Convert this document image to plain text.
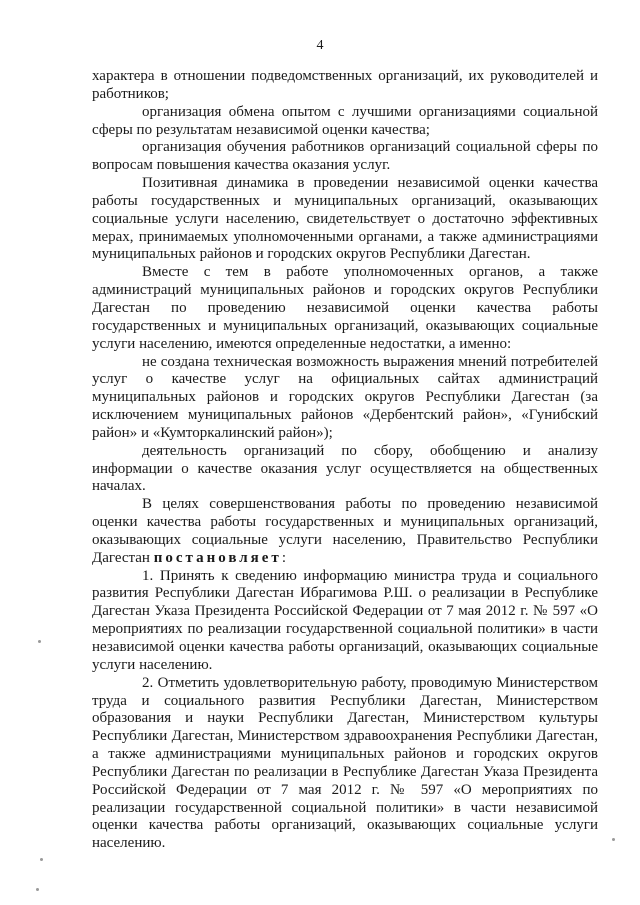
4

характера в отношении подведомственных организаций, их руководителей и работников;

организация обмена опытом с лучшими организациями социальной сферы по результатам независимой оценки качества;

организация обучения работников организаций социальной сферы по вопросам повышения качества оказания услуг.

Позитивная динамика в проведении независимой оценки качества работы государственных и муниципальных организаций, оказывающих социальные услуги населению, свидетельствует о достаточно эффективных мерах, принимаемых уполномоченными органами, а также администрациями муниципальных районов и городских округов Республики Дагестан.

Вместе с тем в работе уполномоченных органов, а также администраций муниципальных районов и городских округов Республики Дагестан по проведению независимой оценки качества работы государственных и муниципальных организаций, оказывающих социальные услуги населению, имеются определенные недостатки, а именно:

не создана техническая возможность выражения мнений потребителей услуг о качестве услуг на официальных сайтах администраций муниципальных районов и городских округов Республики Дагестан (за исключением муниципальных районов «Дербентский район», «Гунибский район» и «Кумторкалинский район»);

деятельность организаций по сбору, обобщению и анализу информации о качестве оказания услуг осуществляется на общественных началах.

В целях совершенствования работы по проведению независимой оценки качества работы государственных и муниципальных организаций, оказывающих социальные услуги населению, Правительство Республики Дагестан постановляет:

1. Принять к сведению информацию министра труда и социального развития Республики Дагестан Ибрагимова Р.Ш. о реализации в Республике Дагестан Указа Президента Российской Федерации от 7 мая 2012 г. № 597 «О мероприятиях по реализации государственной социальной политики» в части независимой оценки качества работы организаций, оказывающих социальные услуги населению.

2. Отметить удовлетворительную работу, проводимую Министерством труда и социального развития Республики Дагестан, Министерством образования и науки Республики Дагестан, Министерством культуры Республики Дагестан, Министерством здравоохранения Республики Дагестан, а также администрациями муниципальных районов и городских округов Республики Дагестан по реализации в Республике Дагестан Указа Президента Российской Федерации от 7 мая 2012 г. № 597 «О мероприятиях по реализации государственной социальной политики» в части независимой оценки качества работы организаций, оказывающих социальные услуги населению.
